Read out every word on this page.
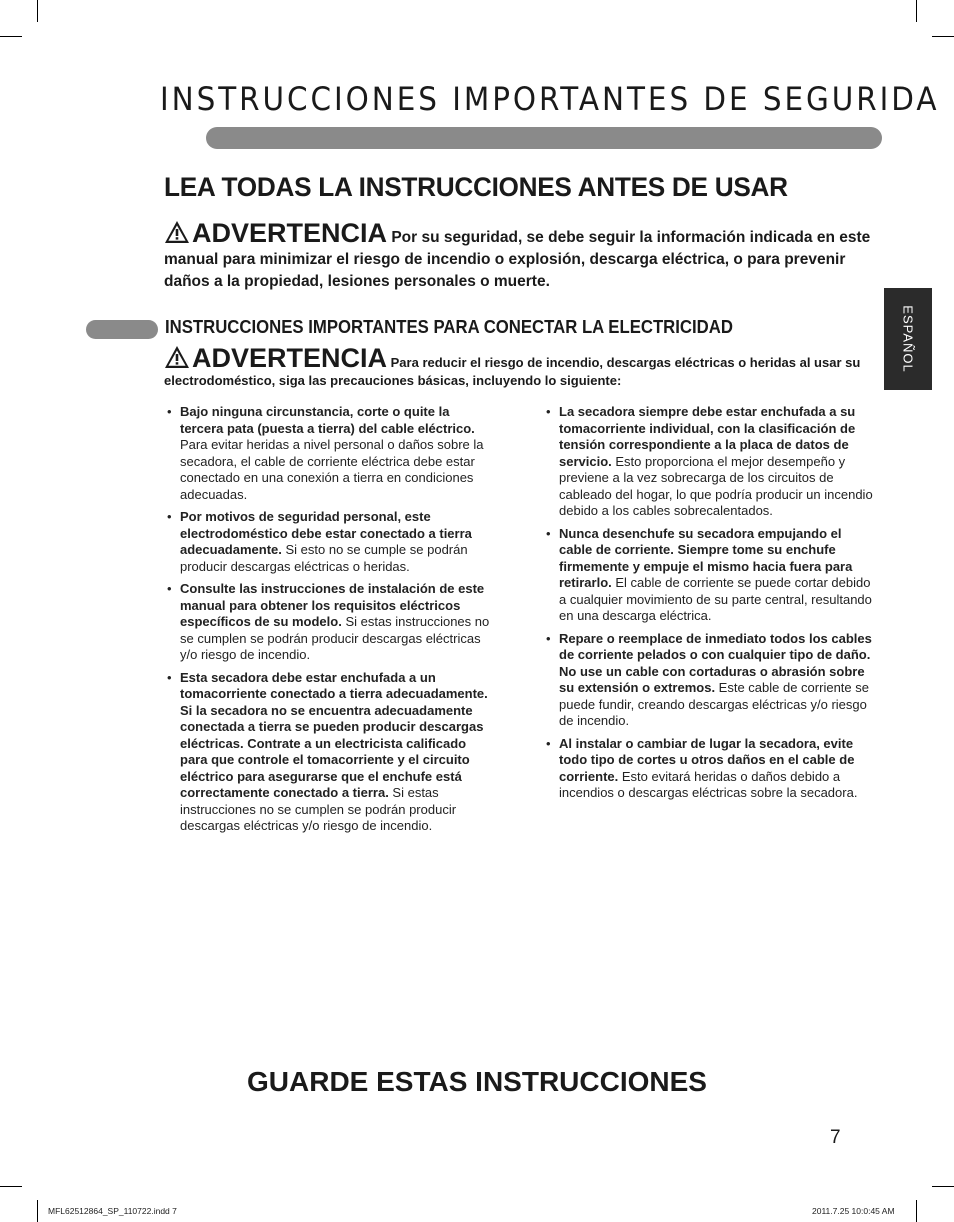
INSTRUCCIONES IMPORTANTES DE SEGURIDA
LEA TODAS LA INSTRUCCIONES ANTES DE USAR
ADVERTENCIA Por su seguridad, se debe seguir la información indicada en este manual para minimizar el riesgo de incendio o explosión, descarga eléctrica, o para prevenir daños a la propiedad, lesiones personales o muerte.
ESPAÑOL
INSTRUCCIONES IMPORTANTES PARA CONECTAR LA ELECTRICIDAD
ADVERTENCIA Para reducir el riesgo de incendio, descargas eléctricas o heridas al usar su electrodoméstico, siga las precauciones básicas, incluyendo lo siguiente:
• Bajo ninguna circunstancia, corte o quite la tercera pata (puesta a tierra) del cable eléctrico. Para evitar heridas a nivel personal o daños sobre la secadora, el cable de corriente eléctrica debe estar conectado en una conexión a tierra en condiciones adecuadas.
• Por motivos de seguridad personal, este electrodoméstico debe estar conectado a tierra adecuadamente. Si esto no se cumple se podrán producir descargas eléctricas o heridas.
• Consulte las instrucciones de instalación de este manual para obtener los requisitos eléctricos específicos de su modelo. Si estas instrucciones no se cumplen se podrán producir descargas eléctricas y/o riesgo de incendio.
• Esta secadora debe estar enchufada a un tomacorriente conectado a tierra adecuadamente. Si la secadora no se encuentra adecuadamente conectada a tierra se pueden producir descargas eléctricas. Contrate a un electricista calificado para que controle el tomacorriente y el circuito eléctrico para asegurarse que el enchufe está correctamente conectado a tierra. Si estas instrucciones no se cumplen se podrán producir descargas eléctricas y/o riesgo de incendio.
• La secadora siempre debe estar enchufada a su tomacorriente individual, con la clasificación de tensión correspondiente a la placa de datos de servicio. Esto proporciona el mejor desempeño y previene a la vez sobrecarga de los circuitos de cableado del hogar, lo que podría producir un incendio debido a los cables sobrecalentados.
• Nunca desenchufe su secadora empujando el cable de corriente. Siempre tome su enchufe firmemente y empuje el mismo hacia fuera para retirarlo. El cable de corriente se puede cortar debido a cualquier movimiento de su parte central, resultando en una descarga eléctrica.
• Repare o reemplace de inmediato todos los cables de corriente pelados o con cualquier tipo de daño. No use un cable con cortaduras o abrasión sobre su extensión o extremos. Este cable de corriente se puede fundir, creando descargas eléctricas y/o riesgo de incendio.
• Al instalar o cambiar de lugar la secadora, evite todo tipo de cortes u otros daños en el cable de corriente. Esto evitará heridas o daños debido a incendios o descargas eléctricas sobre la secadora.
GUARDE ESTAS INSTRUCCIONES
7
MFL62512864_SP_110722.indd 7	2011.7.25 10:0:45 AM
